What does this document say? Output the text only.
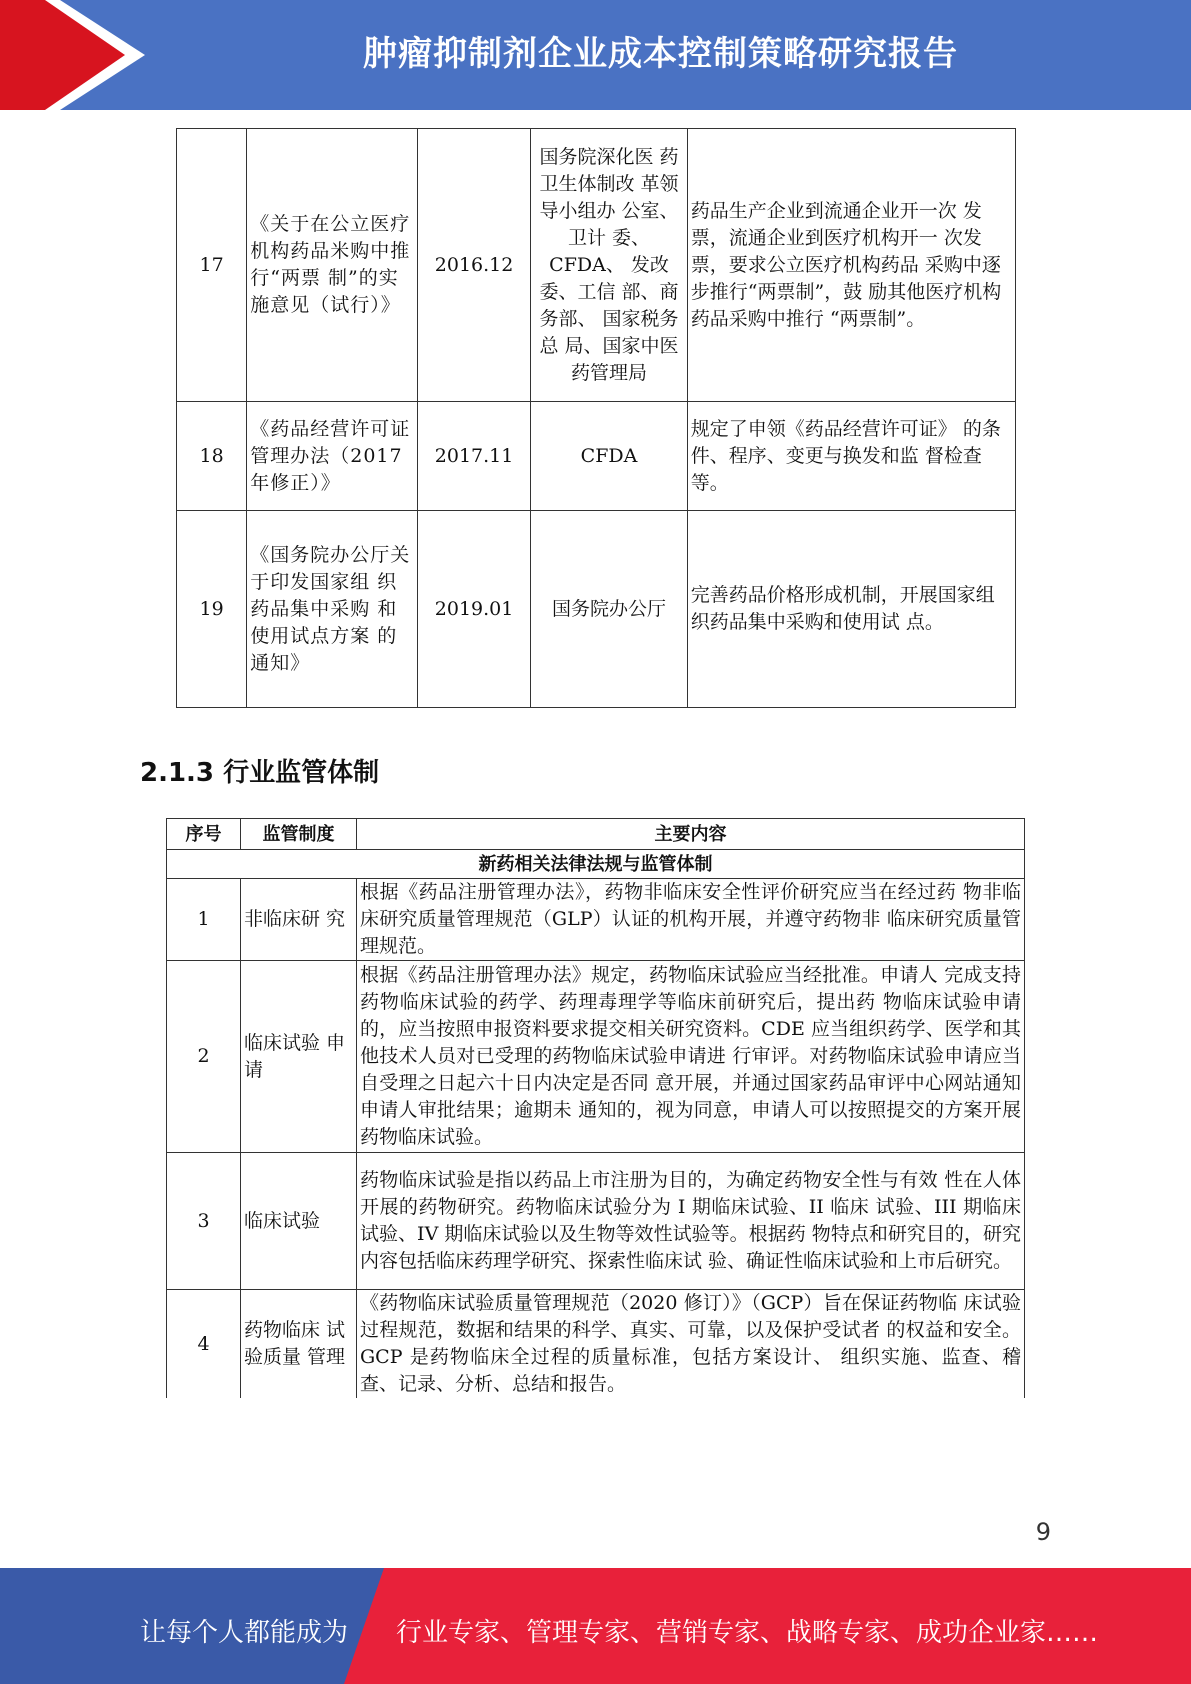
肿瘤抑制剂企业成本控制策略研究报告
17	《关于在公立医疗机构药品米购中推行“两票 制”的实施意见（试行）》	2016.12	国务院深化医 药卫生体制改 革领导小组办 公室、卫计 委、CFDA、 发改委、工信 部、商务部、 国家税务总 局、国家中医药管理局	药品生产企业到流通企业开一次 发票，流通企业到医疗机构开一 次发票，要求公立医疗机构药品 采购中逐步推行“两票制”，鼓 励其他医疗机构药品采购中推行 “两票制”。
18	《药品经营许可证管理办法（2017 年修正）》	2017.11	CFDA	规定了申领《药品经营许可证》 的条件、程序、变更与换发和监 督检查等。
19	《国务院办公厅关于印发国家组 织药品集中采购 和使用试点方案 的通知》	2019.01	国务院办公厅	完善药品价格形成机制，开展国家组织药品集中采购和使用试 点。
2.1.3 行业监管体制
序号	监管制度	主要内容
新药相关法律法规与监管体制		
1	非临床研 究	根据《药品注册管理办法》，药物非临床安全性评价研究应当在经过药 物非临床研究质量管理规范（GLP）认证的机构开展，并遵守药物非 临床研究质量管理规范。
2	临床试验 申请	根据《药品注册管理办法》规定，药物临床试验应当经批准。申请人 完成支持药物临床试验的药学、药理毒理学等临床前研究后，提出药 物临床试验申请的，应当按照申报资料要求提交相关研究资料。CDE 应当组织药学、医学和其他技术人员对已受理的药物临床试验申请进 行审评。对药物临床试验申请应当自受理之日起六十日内决定是否同 意开展，并通过国家药品审评中心网站通知申请人审批结果；逾期未 通知的，视为同意，申请人可以按照提交的方案开展药物临床试验。
3	临床试验	药物临床试验是指以药品上市注册为目的，为确定药物安全性与有效 性在人体开展的药物研究。药物临床试验分为 I 期临床试验、II 临床 试验、III 期临床试验、IV 期临床试验以及生物等效性试验等。根据药 物特点和研究目的，研究内容包括临床药理学研究、探索性临床试 验、确证性临床试验和上市后研究。
4	药物临床 试验质量 管理	《药物临床试验质量管理规范（2020 修订）》（GCP）旨在保证药物临 床试验过程规范，数据和结果的科学、真实、可靠，以及保护受试者 的权益和安全。GCP 是药物临床全过程的质量标准，包括方案设计、 组织实施、监查、稽查、记录、分析、总结和报告。
9
让每个人都能成为 行业专家、管理专家、营销专家、战略专家、成功企业家……
